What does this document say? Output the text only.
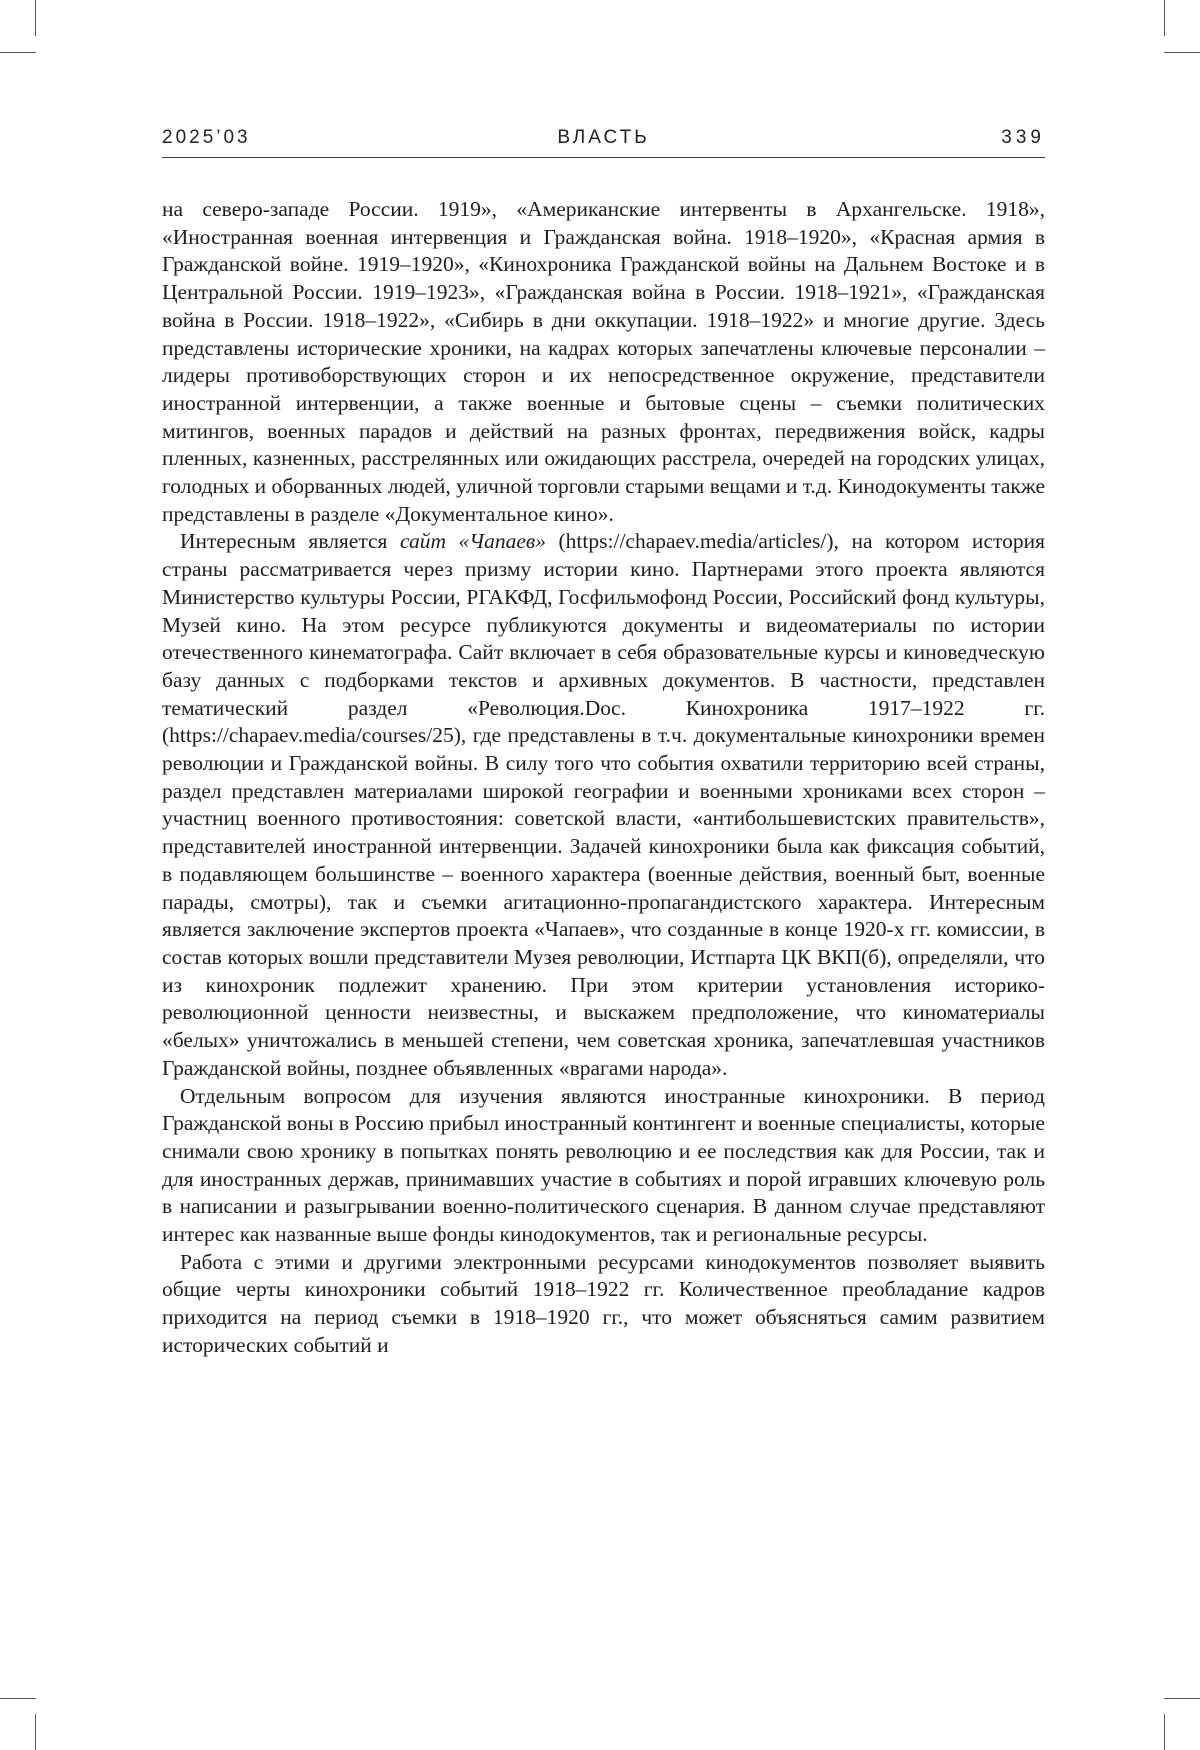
2025’03	ВЛАСТЬ	339

на северо-западе России. 1919», «Американские интервенты в Архангельске. 1918», «Иностранная военная интервенция и Гражданская война. 1918–1920», «Красная армия в Гражданской войне. 1919–1920», «Кинохроника Гражданской войны на Дальнем Востоке и в Центральной России. 1919–1923», «Гражданская война в России. 1918–1921», «Гражданская война в России. 1918–1922», «Сибирь в дни оккупации. 1918–1922» и многие другие. Здесь представлены исторические хроники, на кадрах которых запечатлены ключевые персоналии – лидеры противоборствующих сторон и их непосредственное окружение, представители иностранной интервенции, а также военные и бытовые сцены – съемки политических митингов, военных парадов и действий на разных фронтах, передвижения войск, кадры пленных, казненных, расстрелянных или ожидающих расстрела, очередей на городских улицах, голодных и оборванных людей, уличной торговли старыми вещами и т.д. Кинодокументы также представлены в разделе «Документальное кино».

Интересным является сайт «Чапаев» (https://chapaev.media/articles/), на котором история страны рассматривается через призму истории кино. Партнерами этого проекта являются Министерство культуры России, РГАКФД, Госфильмофонд России, Российский фонд культуры, Музей кино. На этом ресурсе публикуются документы и видеоматериалы по истории отечественного кинематографа. Сайт включает в себя образовательные курсы и киноведческую базу данных с подборками текстов и архивных документов. В частности, представлен тематический раздел «Революция.Doc. Кинохроника 1917–1922 гг. (https://chapaev.media/courses/25), где представлены в т.ч. документальные кинохроники времен революции и Гражданской войны. В силу того что события охватили территорию всей страны, раздел представлен материалами широкой географии и военными хрониками всех сторон – участниц военного противостояния: советской власти, «антибольшевистских правительств», представителей иностранной интервенции. Задачей кинохроники была как фиксация событий, в подавляющем большинстве – военного характера (военные действия, военный быт, военные парады, смотры), так и съемки агитационно-пропагандистского характера. Интересным является заключение экспертов проекта «Чапаев», что созданные в конце 1920-х гг. комиссии, в состав которых вошли представители Музея революции, Истпарта ЦК ВКП(б), определяли, что из кинохроник подлежит хранению. При этом критерии установления историко-революционной ценности неизвестны, и выскажем предположение, что киноматериалы «белых» уничтожались в меньшей степени, чем советская хроника, запечатлевшая участников Гражданской войны, позднее объявленных «врагами народа».

Отдельным вопросом для изучения являются иностранные кинохроники. В период Гражданской воны в Россию прибыл иностранный контингент и военные специалисты, которые снимали свою хронику в попытках понять революцию и ее последствия как для России, так и для иностранных держав, принимавших участие в событиях и порой игравших ключевую роль в написании и разыгрывании военно-политического сценария. В данном случае представляют интерес как названные выше фонды кинодокументов, так и региональные ресурсы.

Работа с этими и другими электронными ресурсами кинодокументов позволяет выявить общие черты кинохроники событий 1918–1922 гг. Количественное преобладание кадров приходится на период съемки в 1918–1920 гг., что может объясняться самим развитием исторических событий и
